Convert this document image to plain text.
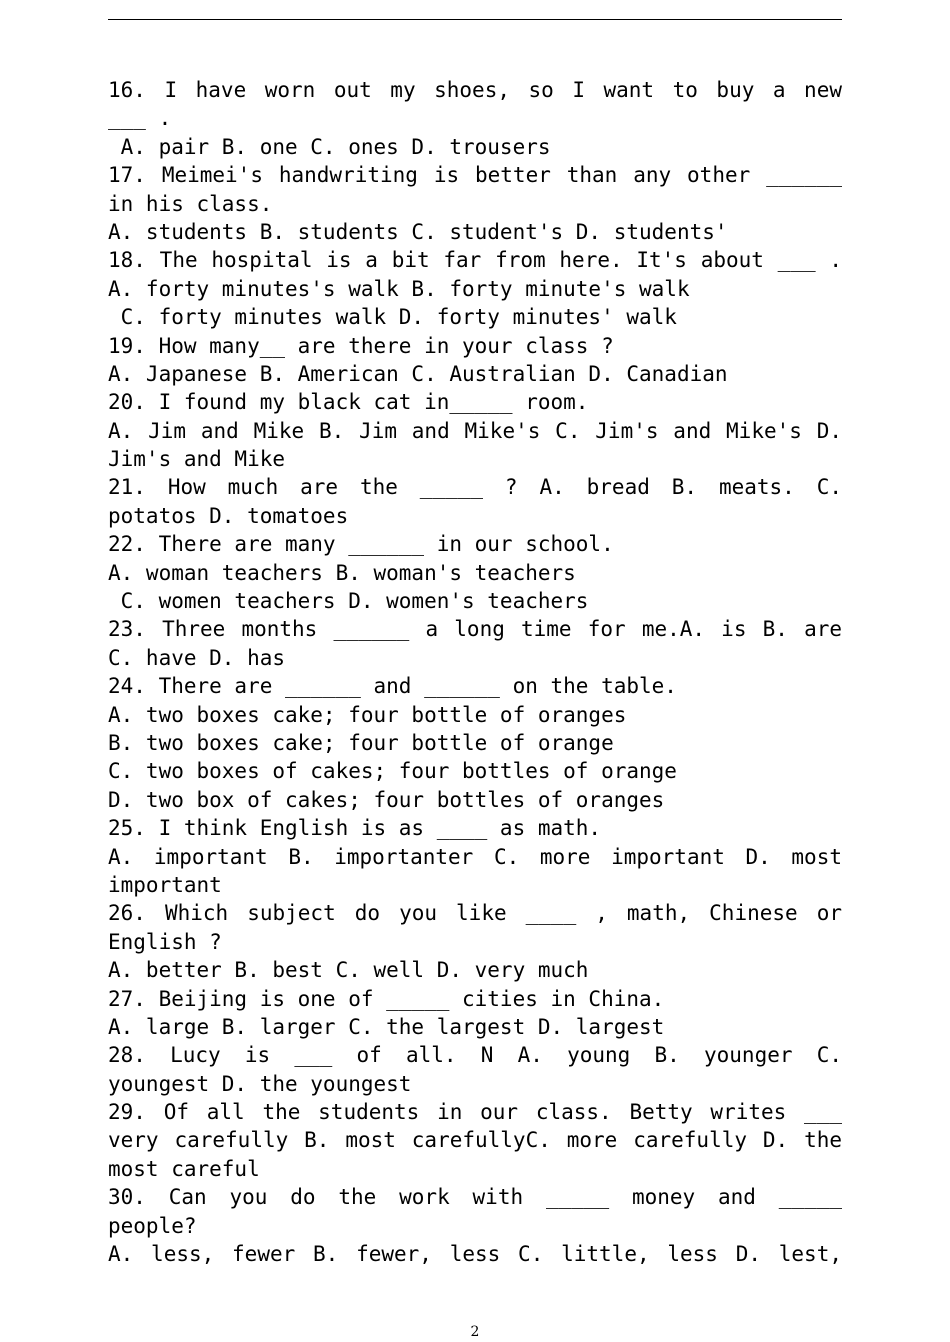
16. I have worn out my shoes, so I want to buy a new
___ .
A. pair B. one C. ones D. trousers
17. Meimei's handwriting is better than any other ______
in his class.
A. students B. students C. student's D. students'
18. The hospital is a bit far from here. It's about ___ .
A. forty minutes's walk B. forty minute's walk
C. forty minutes walk D. forty minutes' walk
19. How many__ are there in your class ?
A. Japanese B. American C. Australian D. Canadian
20. I found my black cat in_____ room.
A. Jim and Mike B. Jim and Mike's C. Jim's and Mike's D.
Jim's and Mike
21. How much are the _____ ? A. bread B. meats. C.
potatos D. tomatoes
22. There are many ______ in our school.
A. woman teachers B. woman's teachers
C. women teachers D. women's teachers
23. Three months ______ a long time for me.A. is B. are
C. have D. has
24. There are ______ and ______ on the table.
A. two boxes cake; four bottle of oranges
B. two boxes cake; four bottle of orange
C. two boxes of cakes; four bottles of orange
D. two box of cakes; four bottles of oranges
25. I think English is as ____ as math.
A. important B. importanter C. more important D. most
important
26. Which subject do you like ____ , math, Chinese or
English ?
A. better B. best C. well D. very much
27. Beijing is one of _____ cities in China.
A. large B. larger C. the largest D. largest
28. Lucy is ___ of all. N A. young B. younger C.
youngest D. the youngest
29. Of all the students in our class. Betty writes ___
very carefully B. most carefullyC. more carefully D. the
most careful
30. Can you do the work with _____ money and _____
people?
A. less, fewer B. fewer, less C. little, less D. lest,
2
